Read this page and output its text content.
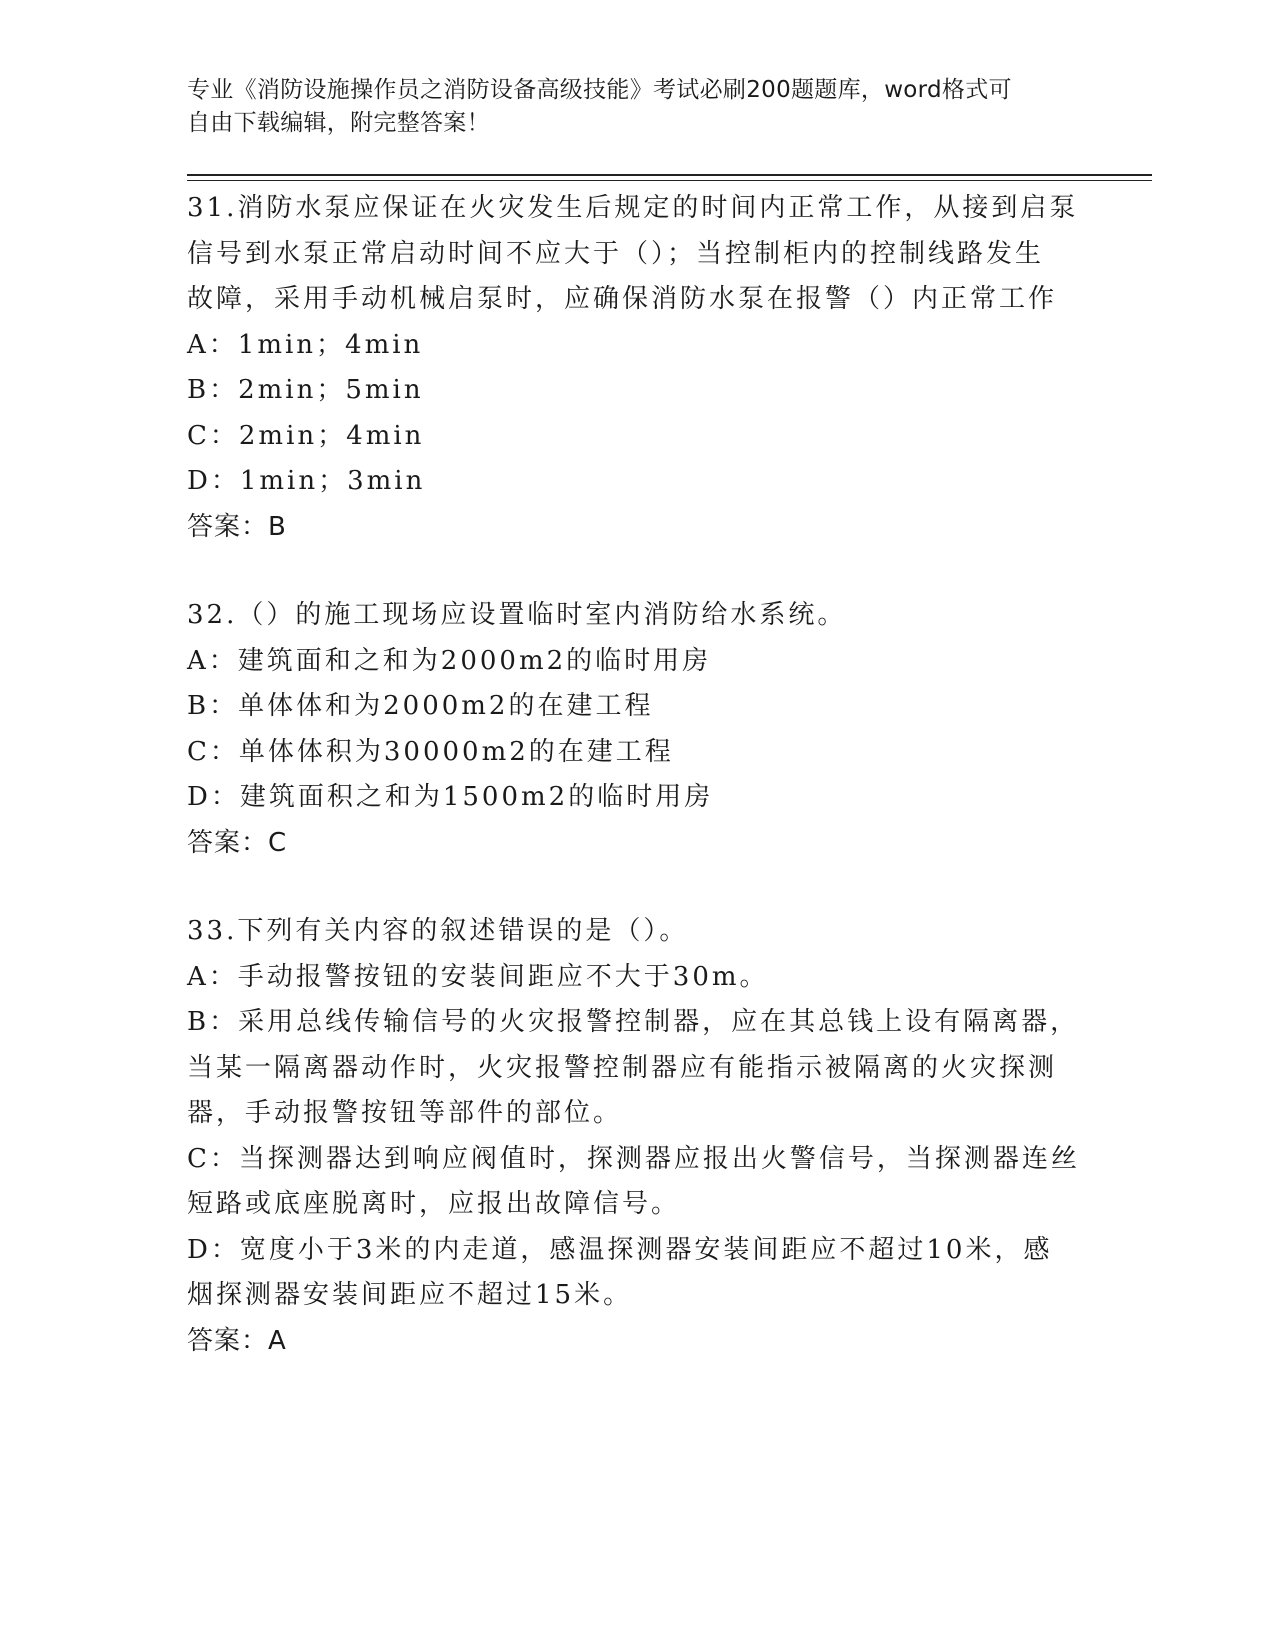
专业《消防设施操作员之消防设备高级技能》考试必刷200题题库，word格式可
自由下载编辑，附完整答案！
31.消防水泵应保证在火灾发生后规定的时间内正常工作，从接到启泵
信号到水泵正常启动时间不应大于（）；当控制柜内的控制线路发生
故障，采用手动机械启泵时，应确保消防水泵在报警（）内正常工作
A：1min；4min
B：2min；5min
C：2min；4min
D：1min；3min
答案：B
32.（）的施工现场应设置临时室内消防给水系统。
A：建筑面和之和为2000m2的临时用房
B：单体体和为2000m2的在建工程
C：单体体积为30000m2的在建工程
D：建筑面积之和为1500m2的临时用房
答案：C
33.下列有关内容的叙述错误的是（）。
A：手动报警按钮的安装间距应不大于30m。
B：采用总线传输信号的火灾报警控制器，应在其总钱上设有隔离器，
当某一隔离器动作时，火灾报警控制器应有能指示被隔离的火灾探测
器，手动报警按钮等部件的部位。
C：当探测器达到响应阀值时，探测器应报出火警信号，当探测器连丝
短路或底座脱离时，应报出故障信号。
D：宽度小于3米的内走道，感温探测器安装间距应不超过10米，感
烟探测器安装间距应不超过15米。
答案：A
